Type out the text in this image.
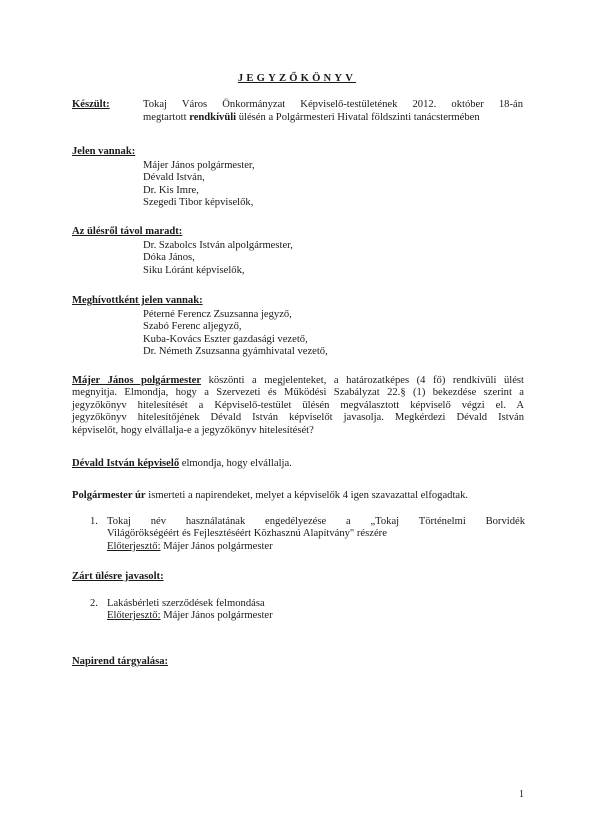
JEGYZŐKÖNYV
Készült:	Tokaj Város Önkormányzat Képviselő-testületének 2012. október 18-án
megtartott rendkívüli ülésén a Polgármesteri Hivatal földszinti tanácstermében
Jelen vannak:
Májer János polgármester,
Dévald István,
Dr. Kis Imre,
Szegedi Tibor képviselők,
Az ülésről távol maradt:
Dr. Szabolcs István alpolgármester,
Dóka János,
Siku Lóránt képviselők,
Meghívottként jelen vannak:
Péterné Ferencz Zsuzsanna jegyző,
Szabó Ferenc aljegyző,
Kuba-Kovács Eszter gazdasági vezető,
Dr. Németh Zsuzsanna gyámhivatal vezető,
Májer János polgármester köszönti a megjelenteket, a határozatképes (4 fő) rendkívüli ülést
megnyitja. Elmondja, hogy a Szervezeti és Működési Szabályzat 22.§ (1) bekezdése szerint a
jegyzőkönyv hitelesítését a Képviselő-testület ülésén megválasztott képviselő végzi el. A
jegyzőkönyv hitelesítőjének Dévald István képviselőt javasolja. Megkérdezi Dévald István
képviselőt, hogy elvállalja-e a jegyzőkönyv hitelesítését?
Dévald István képviselő elmondja, hogy elvállalja.
Polgármester úr ismerteti a napirendeket, melyet a képviselők 4 igen szavazattal elfogadtak.
1. Tokaj név használatának engedélyezése a „Tokaj Történelmi Borvidék
Világörökségéért és Fejlesztéséért Közhasznú Alapítvány" részére
Előterjesztő: Májer János polgármester
Zárt ülésre javasolt:
2. Lakásbérleti szerződések felmondása
Előterjesztő: Májer János polgármester
Napirend tárgyalása:
1
